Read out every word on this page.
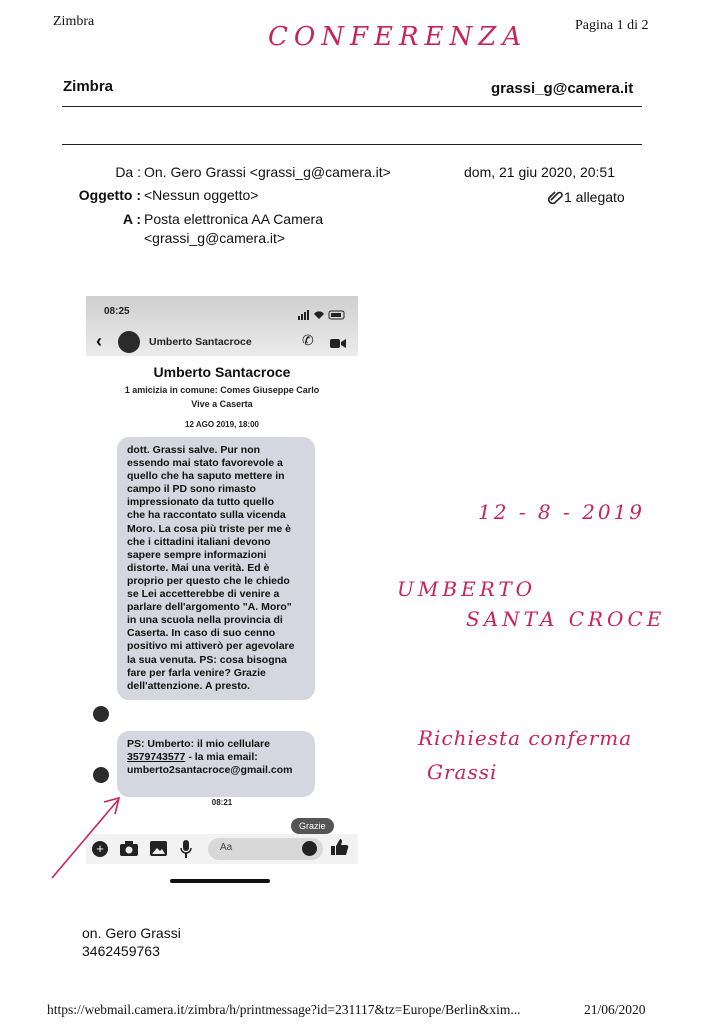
Zimbra	Pagina 1 di 2
CONFERENZA
Zimbra	grassi_g@camera.it
Da : On. Gero Grassi <grassi_g@camera.it>
Oggetto : <Nessun oggetto>
A : Posta elettronica AA Camera
<grassi_g@camera.it>
dom, 21 giu 2020, 20:51
1 allegato
08:25
‹	Umberto Santacroce	✆
Umberto Santacroce
1 amicizia in comune: Comes Giuseppe Carlo
Vive a Caserta
12 AGO 2019, 18:00
dott. Grassi salve. Pur non
essendo mai stato favorevole a
quello che ha saputo mettere in
campo il PD sono rimasto
impressionato da tutto quello
che ha raccontato sulla vicenda
Moro. La cosa più triste per me è
che i cittadini italiani devono
sapere sempre informazioni
distorte. Mai una verità. Ed è
proprio per questo che le chiedo
se Lei accetterebbe di venire a
parlare dell'argomento "A. Moro"
in una scuola nella provincia di
Caserta. In caso di suo cenno
positivo mi attiverò per agevolare
la sua venuta. PS: cosa bisogna
fare per farla venire? Grazie
dell'attenzione. A presto.
PS: Umberto: il mio cellulare
3579743577 - la mia email:
umberto2santacroce@gmail.com
08:21
Grazie
+	Aa
12 - 8 - 2019
UMBERTO
SANTA CROCE
Richiesta conferma
Grassi
on. Gero Grassi
3462459763
https://webmail.camera.it/zimbra/h/printmessage?id=231117&tz=Europe/Berlin&xim...	21/06/2020
